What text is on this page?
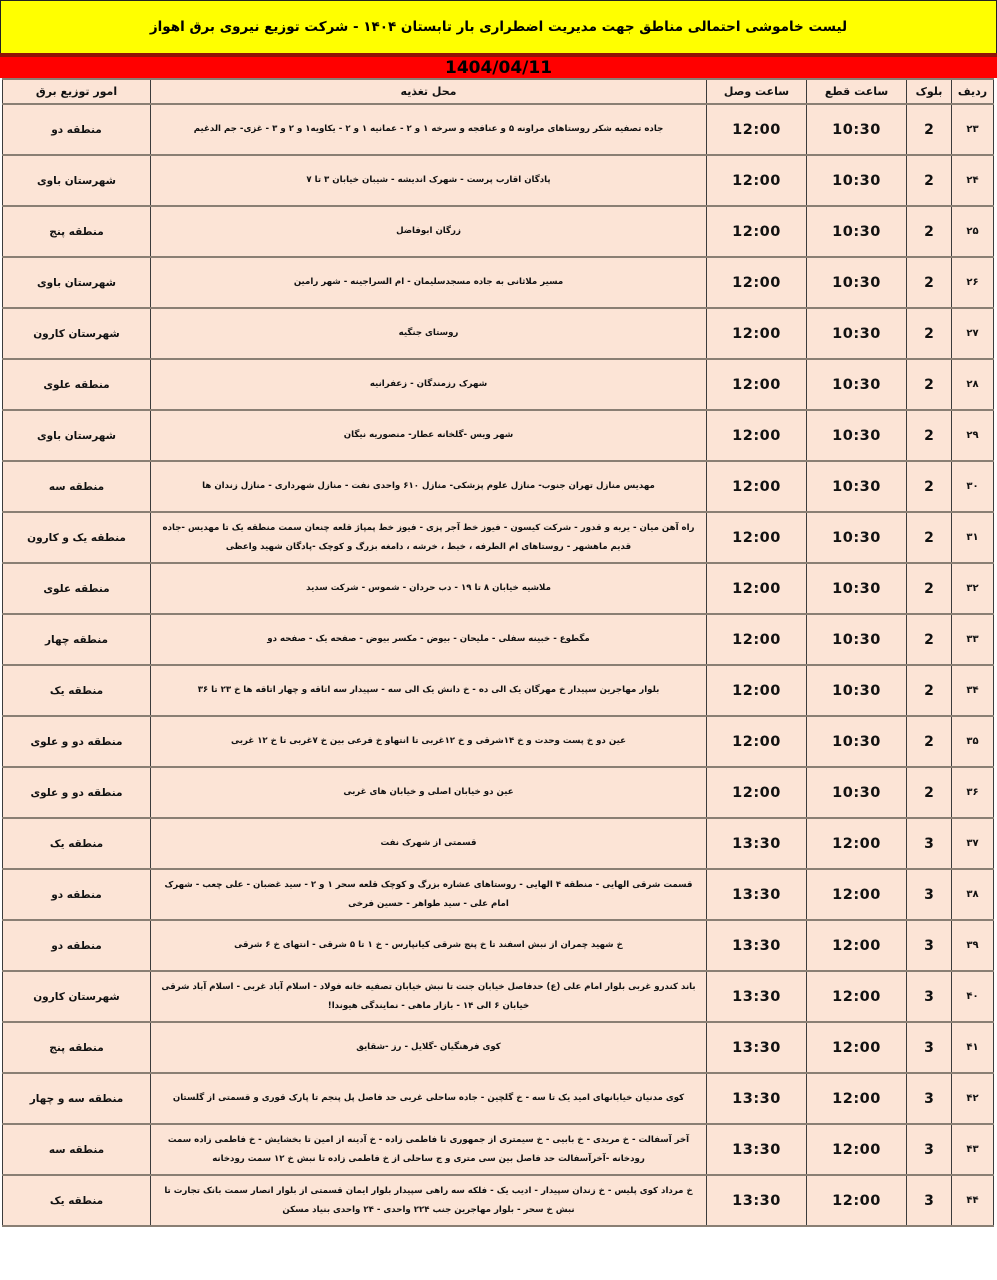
لیست خاموشی احتمالی مناطق جهت مدیریت اضطراری بار تابستان ۱۴۰۴ - شرکت توزیع نیروی برق اهواز
1404/04/11
ردیف	بلوک	ساعت قطع	ساعت وصل	محل تغذیه	امور توزیع برق
۲۳	2	10:30	12:00	جاده تصفیه شکر روستاهای مراونه ۵ و عنافجه و سرخه ۱ و ۲ - عمانیه ۱ و ۲ - یکاویه۱ و ۲ و ۳ - غزی- جم الدغیم	منطقه دو
۲۴	2	10:30	12:00	پادگان اقارب پرست - شهرک اندیشه - شیبان خیابان ۳ تا ۷	شهرستان باوی
۲۵	2	10:30	12:00	زرگان ابوفاضل	منطقه پنج
۲۶	2	10:30	12:00	مسیر ملاثانی به جاده مسجدسلیمان - ام السراجینه - شهر رامین	شهرستان باوی
۲۷	2	10:30	12:00	روستای جنگیه	شهرستان کارون
۲۸	2	10:30	12:00	شهرک رزمندگان - زعفرانیه	منطقه علوی
۲۹	2	10:30	12:00	شهر ویس -گلخانه عطار- منصوریه نیگان	شهرستان باوی
۳۰	2	10:30	12:00	مهدیس منازل تهران جنوب- منازل علوم پزشکی- منازل ۶۱۰ واحدی نفت - منازل شهرداری - منازل زندان ها	منطقه سه
۳۱	2	10:30	12:00	راه آهن میان - یربه و قدور - شرکت کیسون - فیوز خط آجر پزی - فیوز خط پمپاژ قلعه چنعان سمت منطقه یک تا مهدیس -جاده قدیم ماهشهر - روستاهای ام الطرفه ، خیط ، خرشه ، دامغه بزرگ و کوچک -پادگان شهید واعظی	منطقه یک و کارون
۳۲	2	10:30	12:00	ملاشیه خیابان ۸ تا ۱۹ - دب حردان - شموس - شرکت سدید	منطقه علوی
۳۳	2	10:30	12:00	مگطوع - خبینه سفلی - ملیحان - بیوض - مکسر بیوض - صفحه یک - صفحه دو	منطقه چهار
۳۴	2	10:30	12:00	بلوار مهاجرین سپیدار خ مهرگان یک الی ده - خ دانش یک الی سه - سپیدار سه اتاقه و چهار اتاقه ها خ ۲۳ تا ۳۶	منطقه یک
۳۵	2	10:30	12:00	عین دو خ پست وحدت و خ ۱۴شرقی و خ ۱۲غربی تا انتهاو خ فرعی بین خ ۷غربی تا خ ۱۲ غربی	منطقه دو و علوی
۳۶	2	10:30	12:00	عین دو خیابان اصلی و خیابان های غربی	منطقه دو و علوی
۳۷	3	12:00	13:30	قسمتی از شهرک نفت	منطقه یک
۳۸	3	12:00	13:30	قسمت شرقی الهایی - منطقه ۴ الهایی - روستاهای عشاره بزرگ و کوچک قلعه سحر ۱ و ۲ - سید غضبان - علی چعب - شهرک امام علی - سید طواهر - حسین فرخی	منطقه دو
۳۹	3	12:00	13:30	خ شهید چمران از نبش اسفند تا خ پنج شرقی کیانپارس - خ ۱ تا ۵ شرقی - انتهای خ ۶ شرقی	منطقه دو
۴۰	3	12:00	13:30	باند کندرو غربی بلوار امام علی (ع) حدفاصل خیابان جنت تا نبش خیابان تصفیه خانه فولاد - اسلام آباد غربی - اسلام آباد شرقی خیابان ۶ الی ۱۴ - بازار ماهی - نمایندگی هیوندا!	شهرستان کارون
۴۱	3	12:00	13:30	کوی فرهنگیان -گلایل - رز -شقایق	منطقه پنج
۴۲	3	12:00	13:30	کوی مدنیان خیابانهای امید یک تا سه - خ گلچین - جاده ساحلی غربی حد فاصل پل پنجم تا پارک قوری و قسمتی از گلستان	منطقه سه و چهار
۴۳	3	12:00	13:30	آخر آسفالت - خ مریدی - خ بابیی - خ سیمتری از جمهوری تا فاطمی زاده - خ آدینه از امین تا بخشایش - خ فاطمی زاده سمت رودخانه -آخرآسفالت حد فاصل بین سی متری و ج ساحلی از خ فاطمی زاده تا نبش خ ۱۲ سمت رودخانه	منطقه سه
۴۴	3	12:00	13:30	خ مرداد کوی پلیس - خ زندان سپیدار - ادیب یک - فلکه سه راهی سپیدار بلوار ایمان قسمتی از بلوار انصار سمت بانک تجارت تا نبش خ سحر - بلوار مهاجرین جنب ۲۲۴ واحدی - ۲۴ واحدی بنیاد مسکن	منطقه یک
